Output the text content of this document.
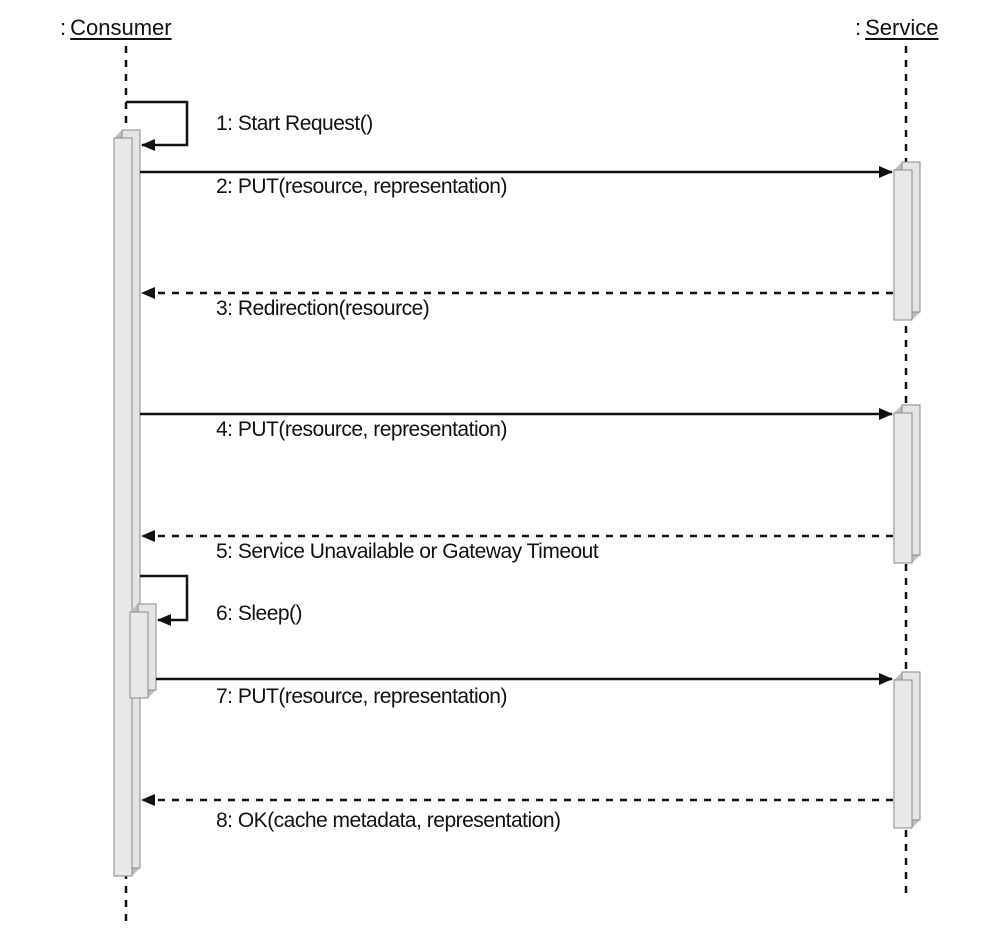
: Consumer	: Service
1: Start Request()
2: PUT(resource, representation)
3: Redirection(resource)
4: PUT(resource, representation)
5: Service Unavailable or Gateway Timeout
6: Sleep()
7: PUT(resource, representation)
8: OK(cache metadata, representation)
